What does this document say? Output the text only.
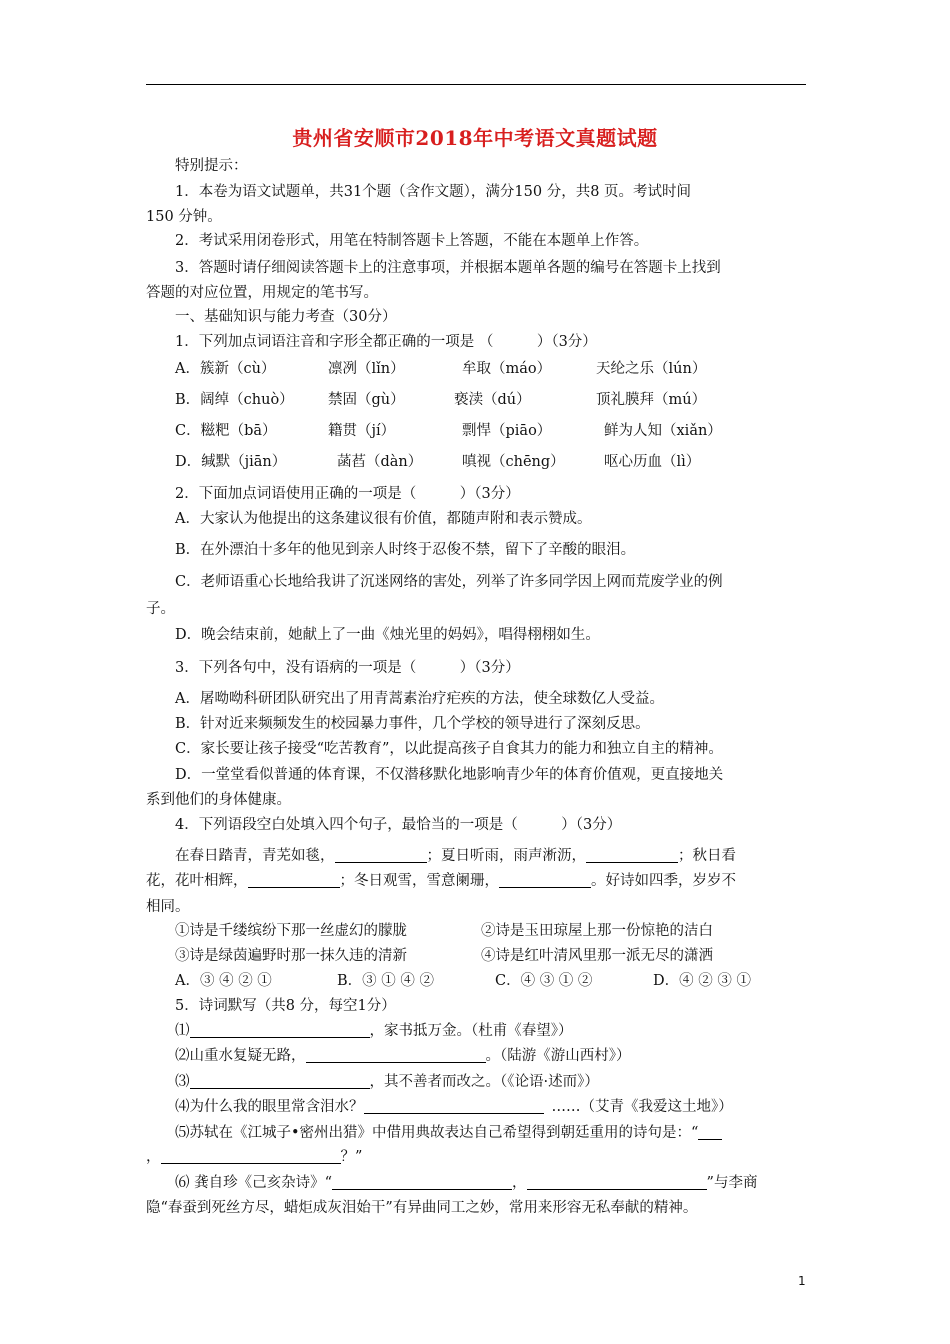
贵州省安顺市2018年中考语文真题试题
特别提示：
1．本卷为语文试题单，共31个题（含作文题），满分150 分，共8 页。考试时间
150 分钟。
2．考试采用闭卷形式，用笔在特制答题卡上答题，不能在本题单上作答。
3．答题时请仔细阅读答题卡上的注意事项，并根据本题单各题的编号在答题卡上找到
答题的对应位置，用规定的笔书写。
一、基础知识与能力考查（30分）
1．下列加点词语注音和字形全都正确的一项是 （　　　）（3分）
A．簇新（cù）	凛冽（lǐn）	牟取（máo）	天纶之乐（lún）
B．阔绰（chuò） 禁固（gù）	亵渎（dú）	顶礼膜拜（mú）
C．糍粑（bā）	籍贯（jí）	剽悍（piāo）	鲜为人知（xiǎn）
D．缄默（jiān）	菡萏（dàn）	嗔视（chēng）	呕心历血（lì）
2．下面加点词语使用正确的一项是（　　　）（3分）
A．大家认为他提出的这条建议很有价值，都随声附和表示赞成。
B．在外漂泊十多年的他见到亲人时终于忍俊不禁，留下了辛酸的眼泪。
C．老师语重心长地给我讲了沉迷网络的害处，列举了许多同学因上网而荒废学业的例
子。
D．晚会结束前，她献上了一曲《烛光里的妈妈》，唱得栩栩如生。
3．下列各句中，没有语病的一项是（　　　）（3分）
A．屠呦呦科研团队研究出了用青蒿素治疗疟疾的方法，使全球数亿人受益。
B．针对近来频频发生的校园暴力事件，几个学校的领导进行了深刻反思。
C．家长要让孩子接受“吃苦教育”，以此提高孩子自食其力的能力和独立自主的精神。
D．一堂堂看似普通的体育课，不仅潜移默化地影响青少年的体育价值观，更直接地关
系到他们的身体健康。
4．下列语段空白处填入四个句子，最恰当的一项是（　　　）（3分）
在春日踏青，青芜如毯，	；夏日听雨，雨声淅沥，	；秋日看
花，花叶相辉，	；冬日观雪，雪意阑珊，	。好诗如四季，岁岁不
相同。
①诗是千缕缤纷下那一丝虚幻的朦胧	②诗是玉田琼屋上那一份惊艳的洁白
③诗是绿茵遍野时那一抹久违的清新	④诗是红叶清风里那一派无尽的潇洒
A．③ ④ ② ①	B．③ ① ④ ②	C．④ ③ ① ②	D．④ ② ③ ①
5．诗词默写（共8 分，每空1分）
⑴	，家书抵万金。（杜甫《春望》）
⑵山重水复疑无路，	。（陆游《游山西村》）
⑶	，其不善者而改之。（《论语·述而》）
⑷为什么我的眼里常含泪水？	……（艾青《我爱这土地》）
⑸苏轼在《江城子•密州出猎》中借用典故表达自己希望得到朝廷重用的诗句是：“
，	？”
⑹ 龚自珍《己亥杂诗》“	，	”与李商
隐“春蚕到死丝方尽，蜡炬成灰泪始干”有异曲同工之妙，常用来形容无私奉献的精神。
1
